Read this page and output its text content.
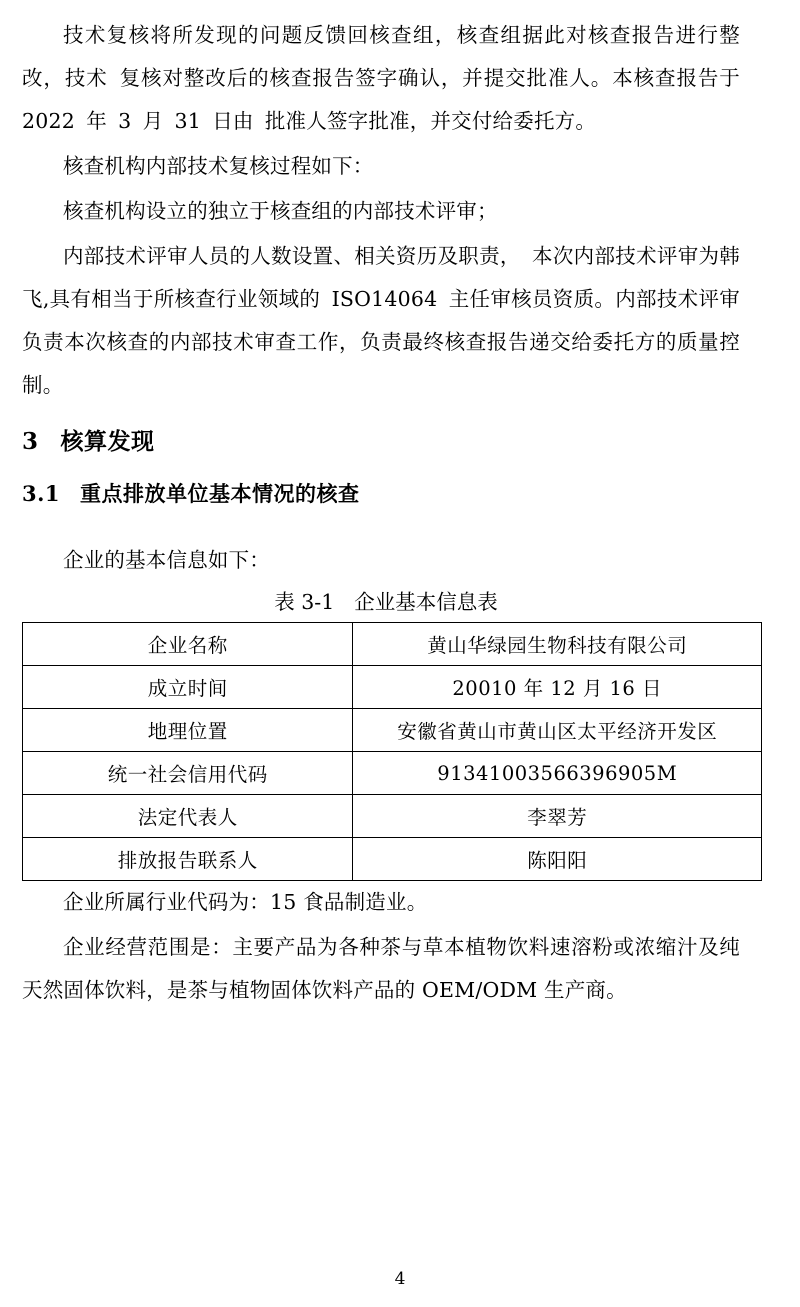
技术复核将所发现的问题反馈回核查组，核查组据此对核查报告进行整改，技术 复核对整改后的核查报告签字确认，并提交批准人。本核查报告于 2022 年 3 月 31 日由 批准人签字批准，并交付给委托方。

核查机构内部技术复核过程如下：

核查机构设立的独立于核查组的内部技术评审；

内部技术评审人员的人数设置、相关资历及职责， 本次内部技术评审为韩飞,具有相当于所核查行业领域的 ISO14064 主任审核员资质。内部技术评审负责本次核查的内部技术审查工作，负责最终核查报告递交给委托方的质量控制。

3 核算发现
3.1 重点排放单位基本情况的核查

企业的基本信息如下：

表 3-1 企业基本信息表
企业名称	黄山华绿园生物科技有限公司
成立时间	20010 年 12 月 16 日
地理位置	安徽省黄山市黄山区太平经济开发区
统一社会信用代码	91341003566396905M
法定代表人	李翠芳
排放报告联系人	陈阳阳

企业所属行业代码为：15 食品制造业。

企业经营范围是：主要产品为各种茶与草本植物饮料速溶粉或浓缩汁及纯天然固体饮料，是茶与植物固体饮料产品的 OEM/ODM 生产商。

4
